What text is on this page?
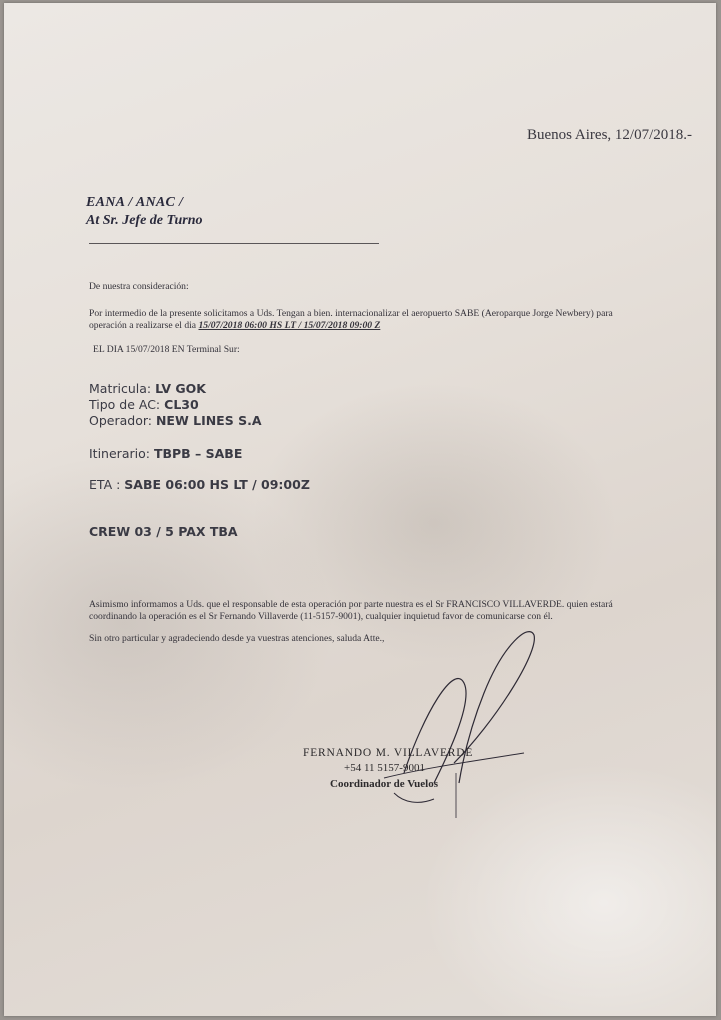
Buenos Aires, 12/07/2018.-
EANA / ANAC /
At Sr. Jefe de Turno
De nuestra consideración:
Por intermedio de la presente solicitamos a Uds. Tengan a bien. internacionalizar el aeropuerto SABE (Aeroparque Jorge Newbery) para
operación a realizarse el dia 15/07/2018 06:00 HS LT / 15/07/2018 09:00 Z
EL DIA 15/07/2018 EN Terminal Sur:
Matricula: LV GOK
Tipo de AC: CL30
Operador: NEW LINES S.A
Itinerario: TBPB – SABE
ETA : SABE 06:00 HS LT / 09:00Z
CREW 03 / 5 PAX TBA
Asimismo informamos a Uds. que el responsable de esta operación por parte nuestra es el Sr FRANCISCO VILLAVERDE. quien estará
coordinando la operación es el Sr Fernando Villaverde (11-5157-9001), cualquier inquietud favor de comunicarse con él.
Sin otro particular y agradeciendo desde ya vuestras atenciones, saluda Atte.,
FERNANDO M. VILLAVERDE
+54 11 5157-9001
Coordinador de Vuelos
